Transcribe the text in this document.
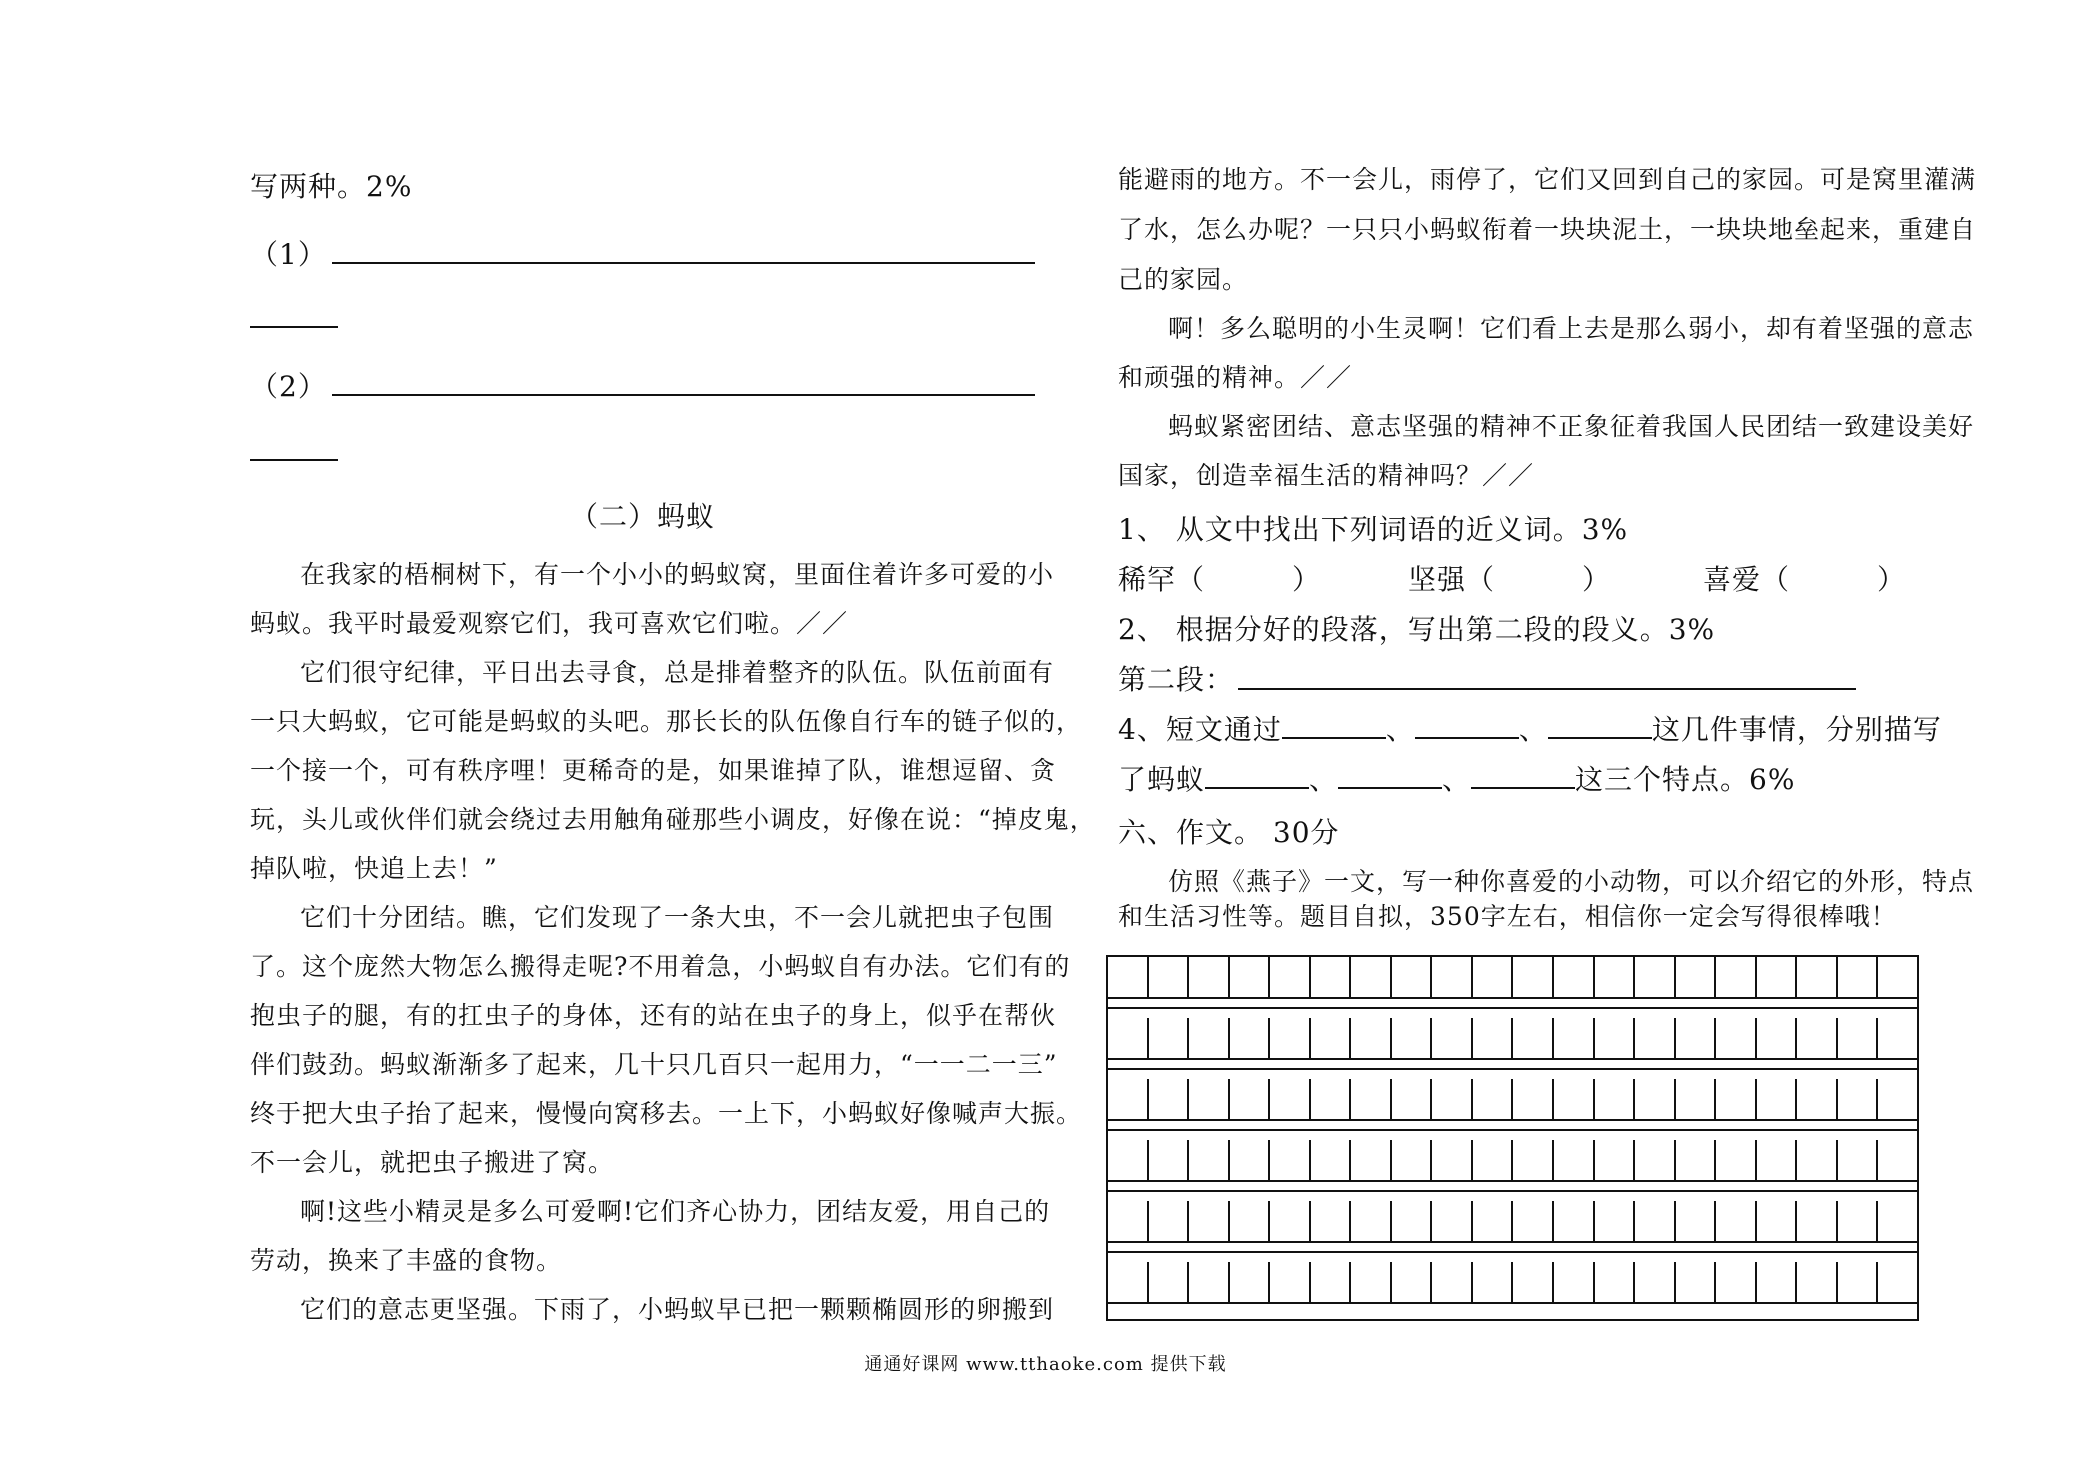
写两种。2%
（1）
（2）
（二）蚂蚁
在我家的梧桐树下，有一个小小的蚂蚁窝，里面住着许多可爱的小
蚂蚁。我平时最爱观察它们，我可喜欢它们啦。／／
它们很守纪律，平日出去寻食，总是排着整齐的队伍。队伍前面有
一只大蚂蚁，它可能是蚂蚁的头吧。那长长的队伍像自行车的链子似的，
一个接一个，可有秩序哩！更稀奇的是，如果谁掉了队，谁想逗留、贪
玩，头儿或伙伴们就会绕过去用触角碰那些小调皮，好像在说：“掉皮鬼，
掉队啦，快追上去！”
它们十分团结。瞧，它们发现了一条大虫，不一会儿就把虫子包围
了。这个庞然大物怎么搬得走呢?不用着急，小蚂蚁自有办法。它们有的
抱虫子的腿，有的扛虫子的身体，还有的站在虫子的身上，似乎在帮伙
伴们鼓劲。蚂蚁渐渐多了起来，几十只几百只一起用力，“一一二一三”
终于把大虫子抬了起来，慢慢向窝移去。一上下，小蚂蚁好像喊声大振。
不一会儿，就把虫子搬进了窝。
啊!这些小精灵是多么可爱啊!它们齐心协力，团结友爱，用自己的
劳动，换来了丰盛的食物。
它们的意志更坚强。下雨了，小蚂蚁早已把一颗颗椭圆形的卵搬到
能避雨的地方。不一会儿，雨停了，它们又回到自己的家园。可是窝里灌满
了水，怎么办呢？一只只小蚂蚁衔着一块块泥土，一块块地垒起来，重建自
己的家园。
啊！多么聪明的小生灵啊！它们看上去是那么弱小，却有着坚强的意志
和顽强的精神。／／
蚂蚁紧密团结、意志坚强的精神不正象征着我国人民团结一致建设美好
国家，创造幸福生活的精神吗？／／
1、 从文中找出下列词语的近义词。3%
稀罕（　　　）	坚强（　　　）	喜爱（　　　）
2、 根据分好的段落，写出第二段的段义。3%
第二段：
4、短文通过	、	、	这几件事情，分别描写
了蚂蚁	、	、	这三个特点。6%
六、作文。 30分
仿照《燕子》一文，写一种你喜爱的小动物，可以介绍它的外形，特点
和生活习性等。题目自拟，350字左右，相信你一定会写得很棒哦！
通通好课网 www.tthaoke.com 提供下载
